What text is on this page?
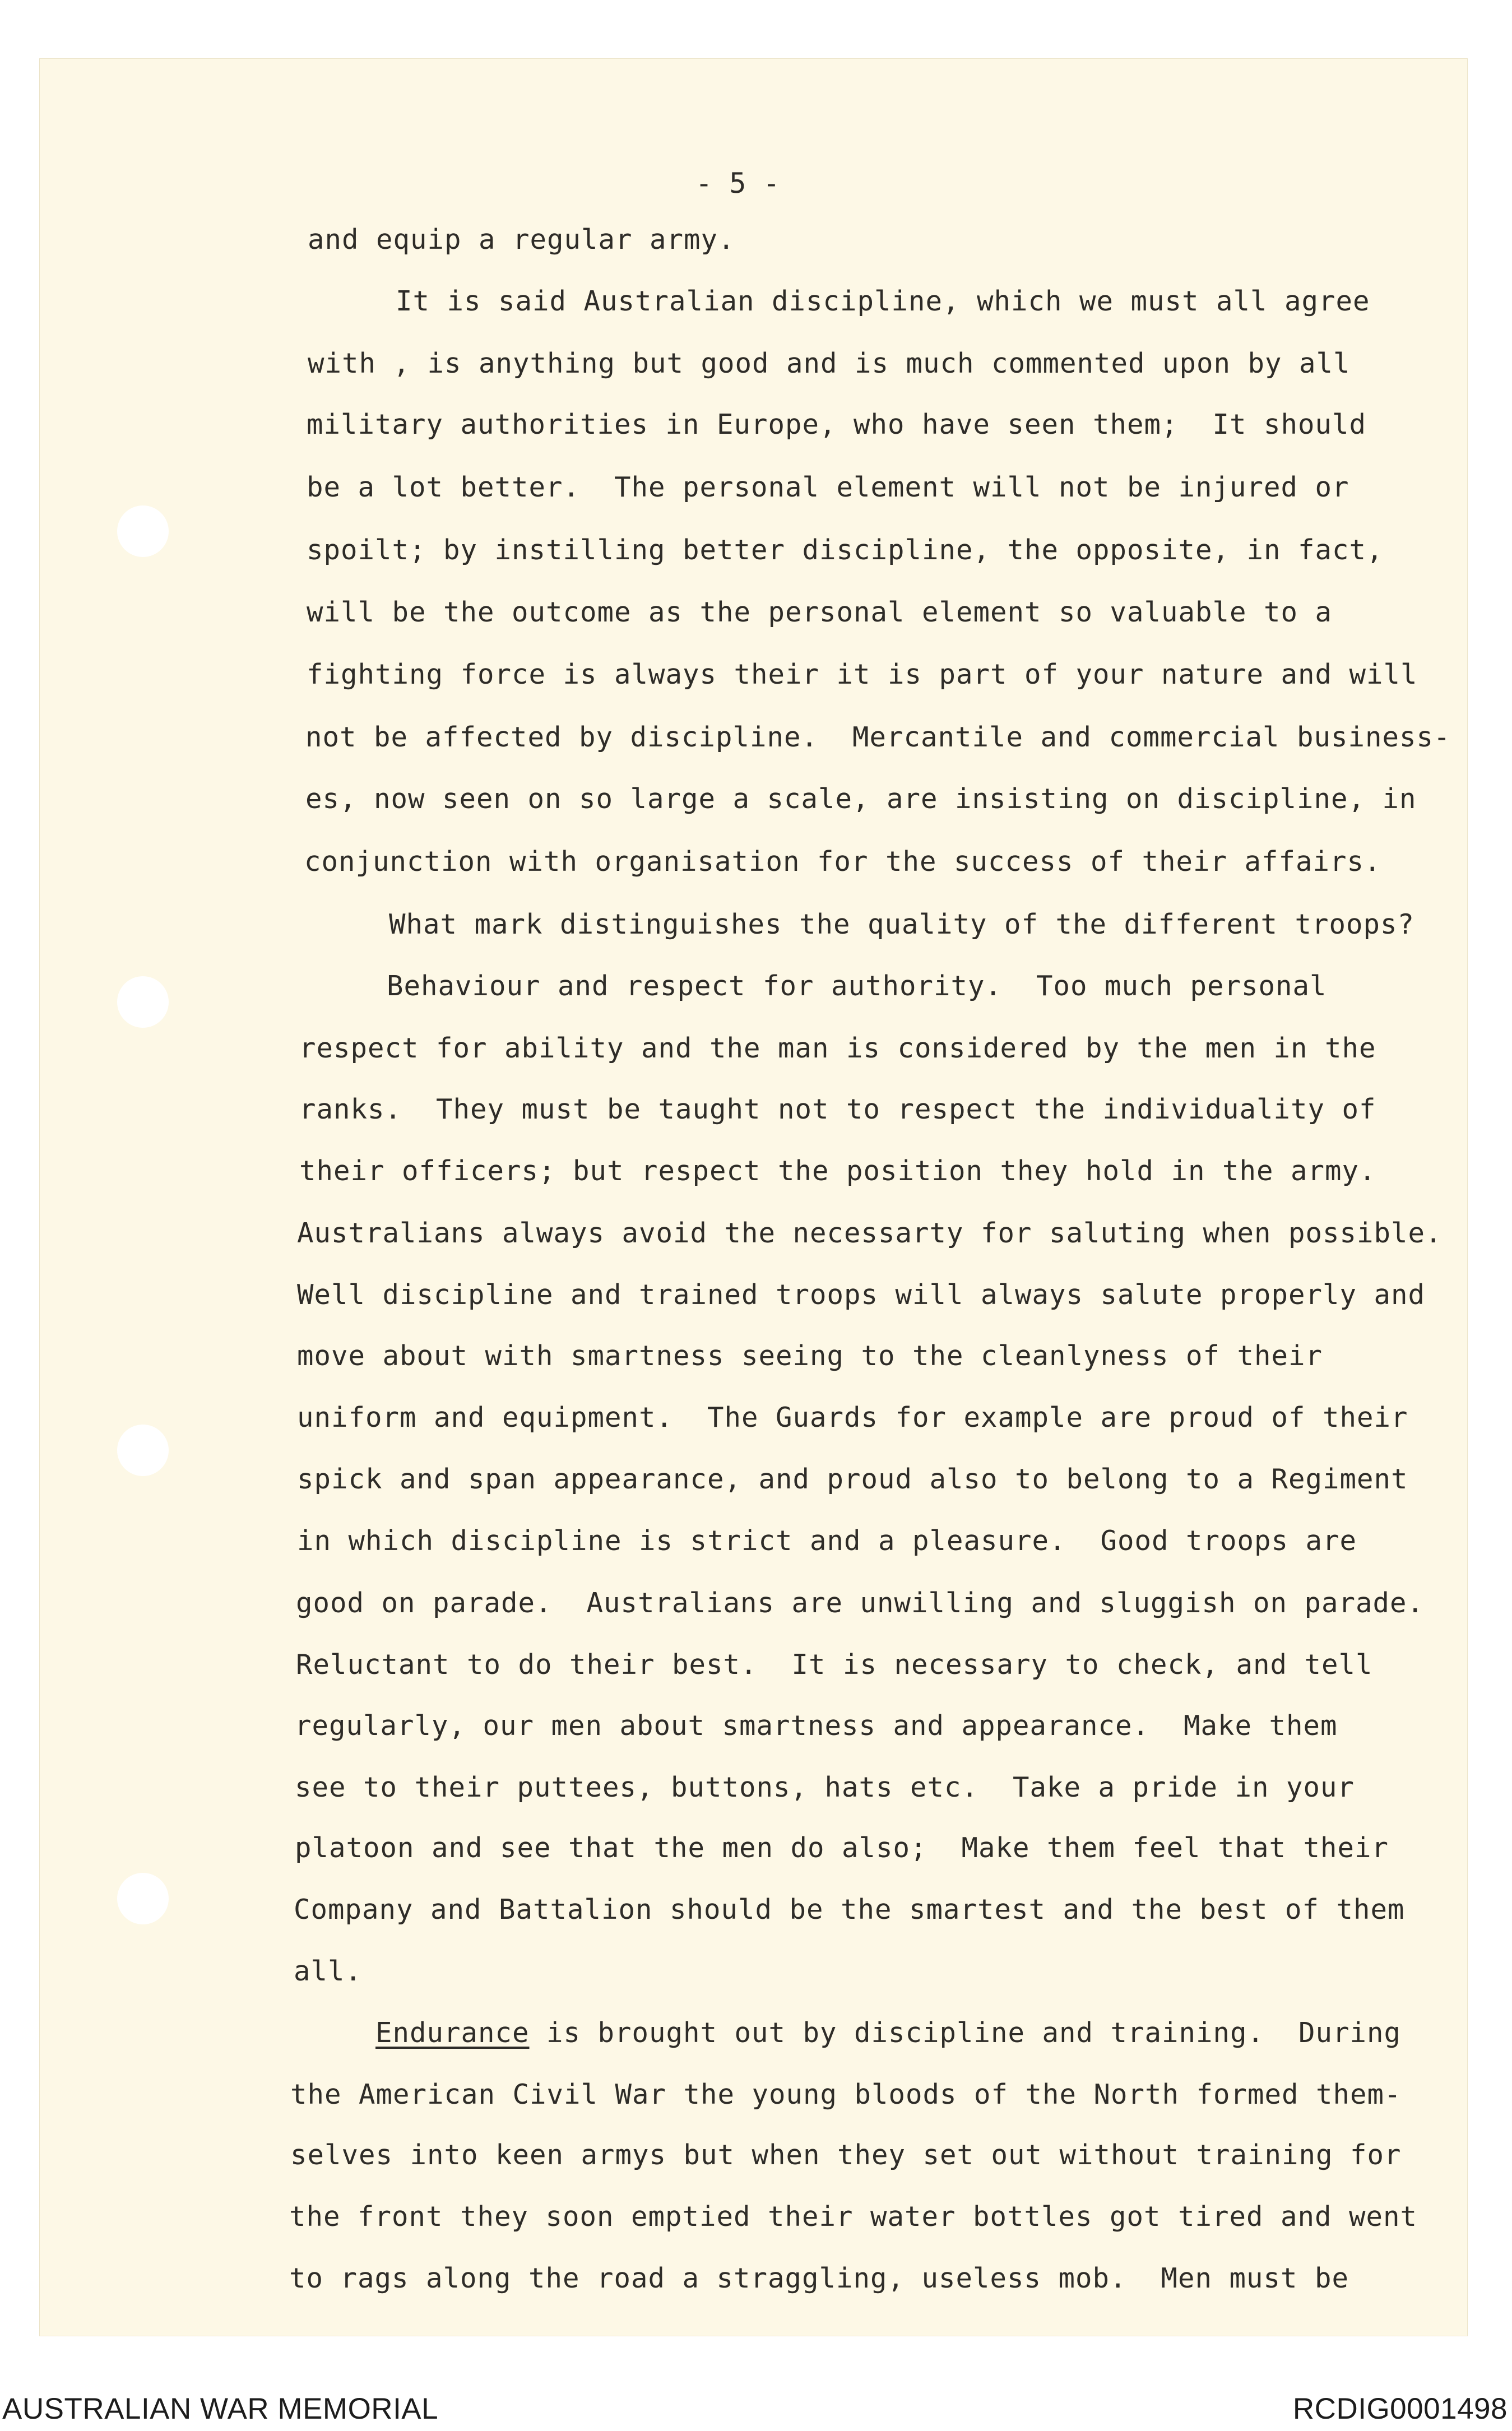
- 5 -
and equip a regular army.
It is said Australian discipline, which we must all agree
with , is anything but good and is much commented upon by all
military authorities in Europe, who have seen them;  It should
be a lot better.  The personal element will not be injured or
spoilt; by instilling better discipline, the opposite, in fact,
will be the outcome as the personal element so valuable to a
fighting force is always their it is part of your nature and will
not be affected by discipline.  Mercantile and commercial business-
es, now seen on so large a scale, are insisting on discipline, in
conjunction with organisation for the success of their affairs.
What mark distinguishes the quality of the different troops?
Behaviour and respect for authority.  Too much personal
respect for ability and the man is considered by the men in the
ranks.  They must be taught not to respect the individuality of
their officers; but respect the position they hold in the army.
Australians always avoid the necessarty for saluting when possible.
Well discipline and trained troops will always salute properly and
move about with smartness seeing to the cleanlyness of their
uniform and equipment.  The Guards for example are proud of their
spick and span appearance, and proud also to belong to a Regiment
in which discipline is strict and a pleasure.  Good troops are
good on parade.  Australians are unwilling and sluggish on parade.
Reluctant to do their best.  It is necessary to check, and tell
regularly, our men about smartness and appearance.  Make them
see to their puttees, buttons, hats etc.  Take a pride in your
platoon and see that the men do also;  Make them feel that their
Company and Battalion should be the smartest and the best of them
all.
Endurance is brought out by discipline and training.  During
the American Civil War the young bloods of the North formed them-
selves into keen armys but when they set out without training for
the front they soon emptied their water bottles got tired and went
to rags along the road a straggling, useless mob.  Men must be
AUSTRALIAN WAR MEMORIAL	RCDIG0001498
